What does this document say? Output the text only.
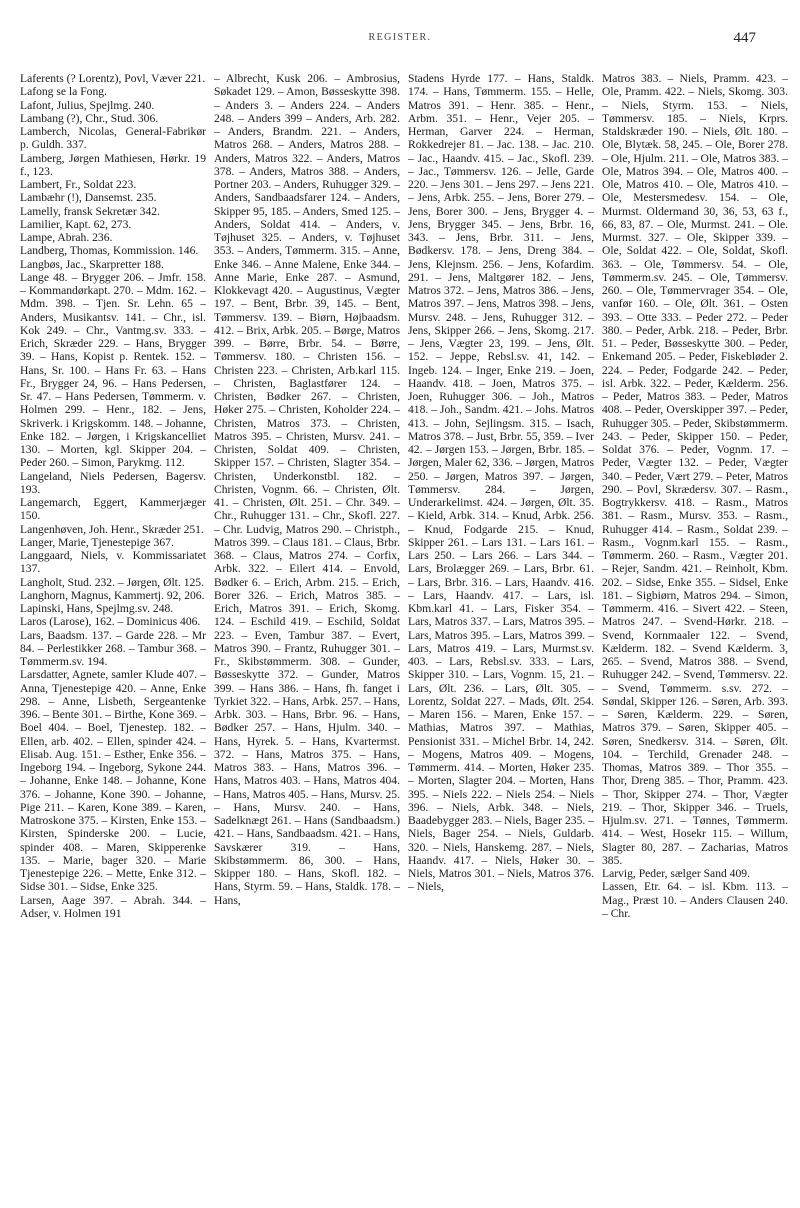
REGISTER.	447

Laferents (? Lorentz), Povl, Væver 221.
Lafong se la Fong.
Lafont, Julius, Spejlmg. 240.
Lambang (?), Chr., Stud. 306.
Lamberch, Nicolas, General-Fabrikør p. Guldh. 337.
Lamberg, Jørgen Mathiesen, Hørkr. 19 f., 123.
Lambert, Fr., Soldat 223.
Lambæhr (!), Dansemst. 235.
Lamelly, fransk Sekretær 342.
Lamilier, Kapt. 62, 273.
Lampe, Abrah. 236.
Landberg, Thomas, Kommission. 146.
Langbøs, Jac., Skarpretter 188.
Lange 48. – Brygger 206. – Jmfr. 158. – Kommandørkapt. 270. – Mdm. 162. – Mdm. 398. – Tjen. Sr. Lehn. 65 – Anders, Musikantsv. 141. – Chr., isl. Kok 249. – Chr., Vantmg.sv. 333. – Erich, Skræder 229. – Hans, Brygger 39. – Hans, Kopist p. Rentek. 152. – Hans, Sr. 100. – Hans Fr. 63. – Hans Fr., Brygger 24, 96. – Hans Pedersen, Sr. 47. – Hans Pedersen, Tømmerm. v. Holmen 299. – Henr., 182. – Jens, Skriverk. i Krigskomm. 148. – Johanne, Enke 182. – Jørgen, i Krigskancelliet 130. – Morten, kgl. Skipper 204. – Peder 260. – Simon, Parykmg. 112.
Langeland, Niels Pedersen, Bagersv. 193.
Langemarch, Eggert, Kammerjæger 150.
Langenhøven, Joh. Henr., Skræder 251.
Langer, Marie, Tjenestepige 367.
Langgaard, Niels, v. Kommissariatet 137.
Langholt, Stud. 232. – Jørgen, Ølt. 125.
Langhorn, Magnus, Kammertj. 92, 206.
Lapinski, Hans, Spejlmg.sv. 248.
Laros (Larose), 162. – Dominicus 406.
Lars, Baadsm. 137. – Garde 228. – Mr 84. – Perlestikker 268. – Tambur 368. – Tømmerm.sv. 194.
Larsdatter, Agnete, samler Klude 407. – Anna, Tjenestepige 420. – Anne, Enke 298. – Anne, Lisbeth, Sergeantenke 396. – Bente 301. – Birthe, Kone 369. – Boel 404. – Boel, Tjenestep. 182. – Ellen, arb. 402. – Ellen, spinder 424. – Elisab. Aug. 151. – Esther, Enke 356. – Ingeborg 194. – Ingeborg, Sykone 244. – Johanne, Enke 148. – Johanne, Kone 376. – Johanne, Kone 390. – Johanne, Pige 211. – Karen, Kone 389. – Karen, Matroskone 375. – Kirsten, Enke 153. – Kirsten, Spinderske 200. – Lucie, spinder 408. – Maren, Skipperenke 135. – Marie, bager 320. – Marie Tjenestepige 226. – Mette, Enke 312. – Sidse 301. – Sidse, Enke 325.
Larsen, Aage 397. – Abrah. 344. – Adser, v. Holmen 191

– Albrecht, Kusk 206. – Ambrosius, Søkadet 129. – Amon, Bøsseskytte 398. – Anders 3. – Anders 224. – Anders 248. – Anders 399 – Anders, Arb. 282. – Anders, Brandm. 221. – Anders, Matros 268. – Anders, Matros 288. – Anders, Matros 322. – Anders, Matros 378. – Anders, Matros 388. – Anders, Portner 203. – Anders, Ruhugger 329. – Anders, Sandbaadsfarer 124. – Anders, Skipper 95, 185. – Anders, Smed 125. – Anders, Soldat 414. – Anders, v. Tøjhuset 325. – Anders, v. Tøjhuset 353. – Anders, Tømmerm. 315. – Anne, Enke 346. – Anne Malene, Enke 344. – Anne Marie, Enke 287. – Asmund, Klokkevagt 420. – Augustinus, Vægter 197. – Bent, Brbr. 39, 145. – Bent, Tømmersv. 139. – Biørn, Højbaadsm. 412. – Brix, Arbk. 205. – Børge, Matros 399. – Børre, Brbr. 54. – Børre, Tømmersv. 180. – Christen 156. – Christen 223. – Christen, Arb.karl 115. – Christen, Baglastfører 124. – Christen, Bødker 267. – Christen, Høker 275. – Christen, Koholder 224. – Christen, Matros 373. – Christen, Matros 395. – Christen, Mursv. 241. – Christen, Soldat 409. – Christen, Skipper 157. – Christen, Slagter 354. – Christen, Underkonstbl. 182. – Christen, Vognm. 66. – Christen, Ølt. 41. – Christen, Ølt. 251. – Chr. 349. – Chr., Ruhugger 131. – Chr., Skofl. 227. – Chr. Ludvig, Matros 290. – Christph., Matros 399. – Claus 181. – Claus, Brbr. 368. – Claus, Matros 274. – Corfix, Arbk. 322. – Eilert 414. – Envold, Bødker 6. – Erich, Arbm. 215. – Erich, Borer 326. – Erich, Matros 385. – Erich, Matros 391. – Erich, Skomg. 124. – Eschild 419. – Eschild, Soldat 223. – Even, Tambur 387. – Evert, Matros 390. – Frantz, Ruhugger 301. – Fr., Skibstømmerm. 308. – Gunder, Bøsseskytte 372. – Gunder, Matros 399. – Hans 386. – Hans, fh. fanget i Tyrkiet 322. – Hans, Arbk. 257. – Hans, Arbk. 303. – Hans, Brbr. 96. – Hans, Bødker 257. – Hans, Hjulm. 340. – Hans, Hyrek. 5. – Hans, Kvartermst. 372. – Hans, Matros 375. – Hans, Matros 383. – Hans, Matros 396. – Hans, Matros 403. – Hans, Matros 404. – Hans, Matros 405. – Hans, Mursv. 25. – Hans, Mursv. 240. – Hans, Sadelknægt 261. – Hans (Sandbaadsm.) 421. – Hans, Sandbaadsm. 421. – Hans, Savskærer 319. – Hans, Skibstømmerm. 86, 300. – Hans, Skipper 180. – Hans, Skofl. 182. – Hans, Styrm. 59. – Hans, Staldk. 178. – Hans,

Stadens Hyrde 177. – Hans, Staldk. 174. – Hans, Tømmerm. 155. – Helle, Matros 391. – Henr. 385. – Henr., Arbm. 351. – Henr., Vejer 205. – Herman, Garver 224. – Herman, Rokkedrejer 81. – Jac. 138. – Jac. 210. – Jac., Haandv. 415. – Jac., Skofl. 239. – Jac., Tømmersv. 126. – Jelle, Garde 220. – Jens 301. – Jens 297. – Jens 221. – Jens, Arbk. 255. – Jens, Borer 279. – Jens, Borer 300. – Jens, Brygger 4. – Jens, Brygger 345. – Jens, Brbr. 16, 343. – Jens, Brbr. 311. – Jens, Bødkersv. 178. – Jens, Dreng 384. – Jens, Klejnsm. 256. – Jens, Kofardim. 291. – Jens, Maltgører 182. – Jens, Matros 372. – Jens, Matros 386. – Jens, Matros 397. – Jens, Matros 398. – Jens, Mursv. 248. – Jens, Ruhugger 312. – Jens, Skipper 266. – Jens, Skomg. 217. – Jens, Vægter 23, 199. – Jens, Ølt. 152. – Jeppe, Rebsl.sv. 41, 142. – Ingeb. 124. – Inger, Enke 219. – Joen, Haandv. 418. – Joen, Matros 375. – Joen, Ruhugger 306. – Joh., Matros 418. – Joh., Sandm. 421. – Johs. Matros 413. – John, Sejlingsm. 315. – Isach, Matros 378. – Just, Brbr. 55, 359. – Iver 42. – Jørgen 153. – Jørgen, Brbr. 185. – Jørgen, Maler 62, 336. – Jørgen, Matros 250. – Jørgen, Matros 397. – Jørgen, Tømmersv. 284. – Jørgen, Underarkelimst. 424. – Jørgen, Ølt. 35. – Kield, Arbk. 314. – Knud, Arbk. 256. – Knud, Fodgarde 215. – Knud, Skipper 261. – Lars 131. – Lars 161. – Lars 250. – Lars 266. – Lars 344. – Lars, Brolægger 269. – Lars, Brbr. 61. – Lars, Brbr. 316. – Lars, Haandv. 416. – Lars, Haandv. 417. – Lars, isl. Kbm.karl 41. – Lars, Fisker 354. – Lars, Matros 337. – Lars, Matros 395. – Lars, Matros 395. – Lars, Matros 399. – Lars, Matros 419. – Lars, Murmst.sv. 403. – Lars, Rebsl.sv. 333. – Lars, Skipper 310. – Lars, Vognm. 15, 21. – Lars, Ølt. 236. – Lars, Ølt. 305. – Lorentz, Soldat 227. – Mads, Ølt. 254. – Maren 156. – Maren, Enke 157. – Mathias, Matros 397. – Mathias, Pensionist 331. – Michel Brbr. 14, 242. – Mogens, Matros 409. – Mogens, Tømmerm. 414. – Morten, Høker 235. – Morten, Slagter 204. – Morten, Hans 395. – Niels 222. – Niels 254. – Niels 396. – Niels, Arbk. 348. – Niels, Baadebygger 283. – Niels, Bager 235. – Niels, Bager 254. – Niels, Guldarb. 320. – Niels, Hanskemg. 287. – Niels, Haandv. 417. – Niels, Høker 30. – Niels, Matros 301. – Niels, Matros 376. – Niels,

Matros 383. – Niels, Pramm. 423. – Ole, Pramm. 422. – Niels, Skomg. 303. – Niels, Styrm. 153. – Niels, Tømmersv. 185. – Niels, Krprs. Staldskræder 190. – Niels, Ølt. 180. – Ole, Blytæk. 58, 245. – Ole, Borer 278. – Ole, Hjulm. 211. – Ole, Matros 383. – Ole, Matros 394. – Ole, Matros 400. – Ole, Matros 410. – Ole, Matros 410. – Ole, Mestersmedesv. 154. – Ole, Murmst. Oldermand 30, 36, 53, 63 f., 66, 83, 87. – Ole, Murmst. 241. – Ole. Murmst. 327. – Ole, Skipper 339. – Ole, Soldat 422. – Ole, Soldat, Skofl. 363. – Ole, Tømmersv. 54. – Ole, Tømmerm.sv. 245. – Ole, Tømmersv. 260. – Ole, Tømmervrager 354. – Ole, vanfør 160. – Ole, Ølt. 361. – Osten 393. – Otte 333. – Peder 272. – Peder 380. – Peder, Arbk. 218. – Peder, Brbr. 51. – Peder, Bøsseskytte 300. – Peder, Enkemand 205. – Peder, Fiskebløder 2. 224. – Peder, Fodgarde 242. – Peder, isl. Arbk. 322. – Peder, Kælderm. 256. – Peder, Matros 383. – Peder, Matros 408. – Peder, Overskipper 397. – Peder, Ruhugger 305. – Peder, Skibstømmerm. 243. – Peder, Skipper 150. – Peder, Soldat 376. – Peder, Vognm. 17. – Peder, Vægter 132. – Peder, Vægter 340. – Peder, Vært 279. – Peter, Matros 290. – Povl, Skrædersv. 307. – Rasm., Bogtrykkersv. 418. – Rasm., Matros 381. – Rasm., Mursv. 353. – Rasm., Ruhugger 414. – Rasm., Soldat 239. – Rasm., Vognm.karl 155. – Rasm., Tømmerm. 260. – Rasm., Vægter 201. – Rejer, Sandm. 421. – Reinholt, Kbm. 202. – Sidse, Enke 355. – Sidsel, Enke 181. – Sigbiørn, Matros 294. – Simon, Tømmerm. 416. – Sivert 422. – Steen, Matros 247. – Svend-Hørkr. 218. – Svend, Kornmaaler 122. – Svend, Kælderm. 182. – Svend Kælderm. 3, 265. – Svend, Matros 388. – Svend, Ruhugger 242. – Svend, Tømmersv. 22. – Svend, Tømmerm. s.sv. 272. – Søndal, Skipper 126. – Søren, Arb. 393. – Søren, Kælderm. 229. – Søren, Matros 379. – Søren, Skipper 405. – Søren, Snedkersv. 314. – Søren, Ølt. 104. – Terchild, Grenader 248. – Thomas, Matros 389. – Thor 355. – Thor, Dreng 385. – Thor, Pramm. 423. – Thor, Skipper 274. – Thor, Vægter 219. – Thor, Skipper 346. – Truels, Hjulm.sv. 271. – Tønnes, Tømmerm. 414. – West, Hosekr 115. – Willum, Slagter 80, 287. – Zacharias, Matros 385.
Larvig, Peder, sælger Sand 409.
Lassen, Etr. 64. – isl. Kbm. 113. – Mag., Præst 10. – Anders Clausen 240. – Chr.
